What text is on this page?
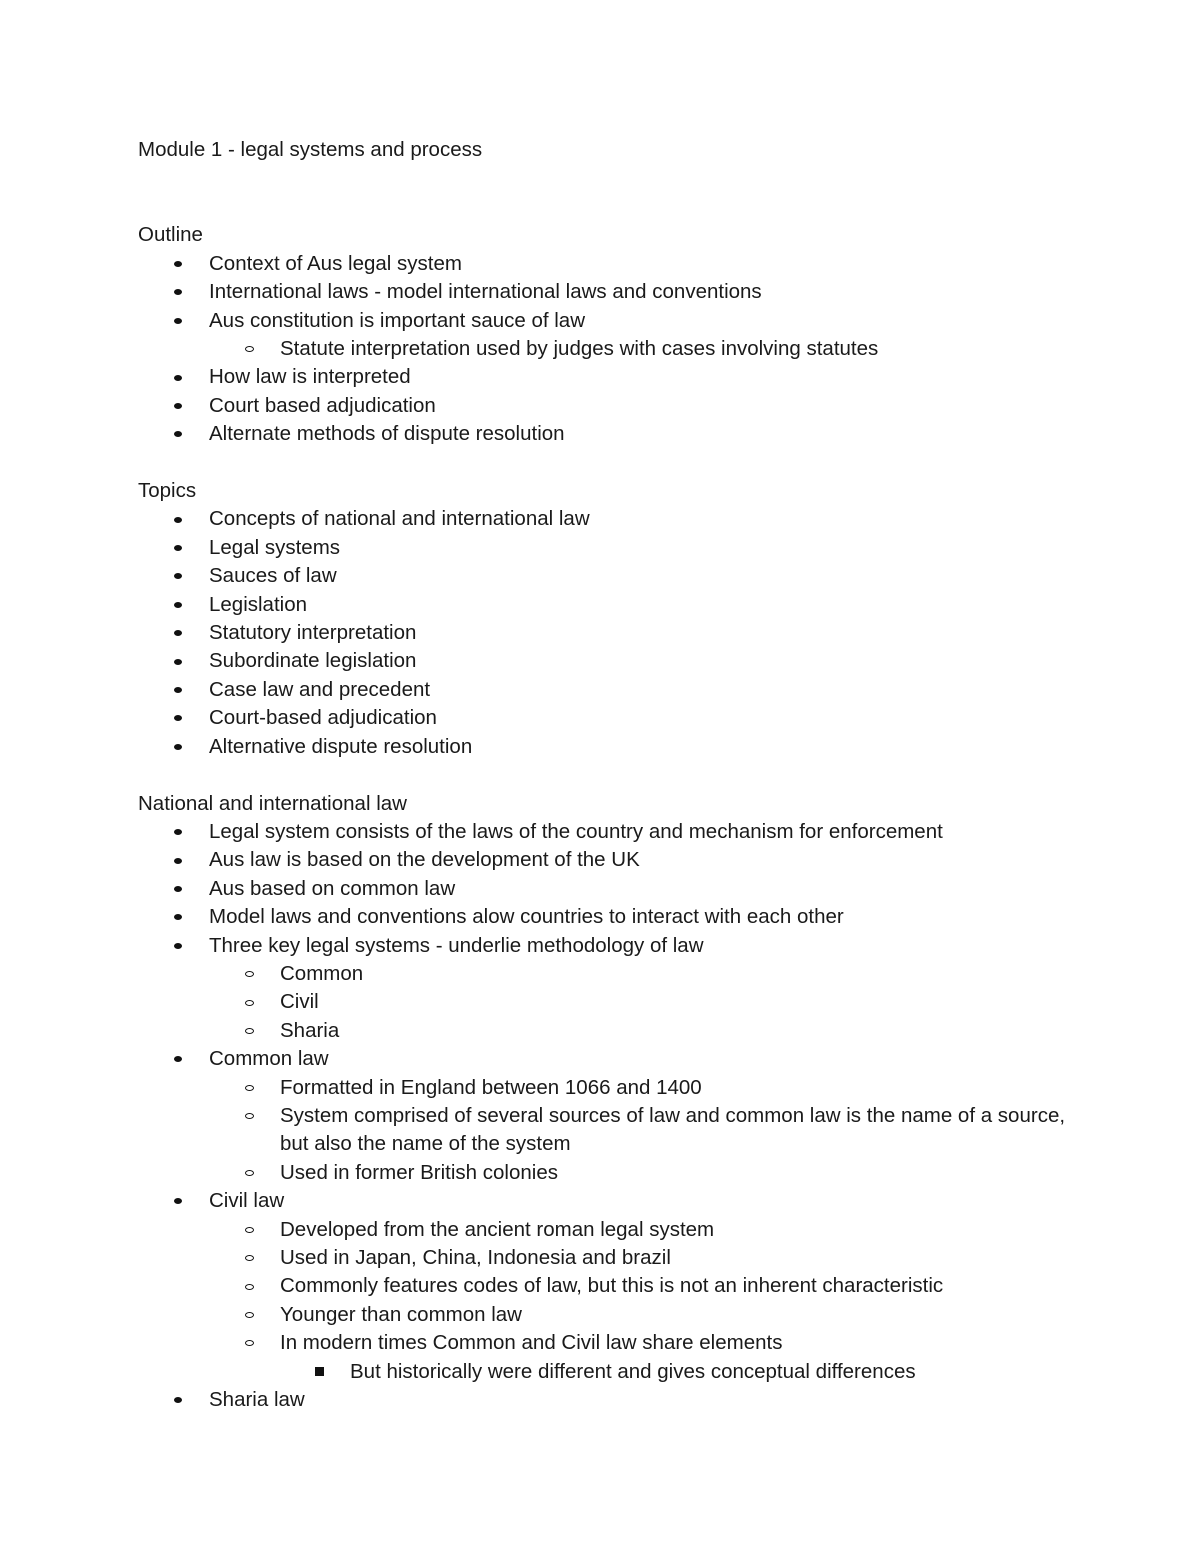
Module 1 - legal systems and process
Outline
Context of Aus legal system
International laws - model international laws and conventions
Aus constitution is important sauce of law
Statute interpretation used by judges with cases involving statutes
How law is interpreted
Court based adjudication
Alternate methods of dispute resolution
Topics
Concepts of national and international law
Legal systems
Sauces of law
Legislation
Statutory interpretation
Subordinate legislation
Case law and precedent
Court-based adjudication
Alternative dispute resolution
National and international law
Legal system consists of the laws of the country and mechanism for enforcement
Aus law is based on the development of the UK
Aus based on common law
Model laws and conventions alow countries to interact with each other
Three key legal systems - underlie methodology of law
Common
Civil
Sharia
Common law
Formatted in England between 1066 and 1400
System comprised of several sources of law and common law is the name of a source, but also the name of the system
Used in former British colonies
Civil law
Developed from the ancient roman legal system
Used in Japan, China, Indonesia and brazil
Commonly features codes of law, but this is not an inherent characteristic
Younger than common law
In modern times Common and Civil law share elements
But historically were different and gives conceptual differences
Sharia law
